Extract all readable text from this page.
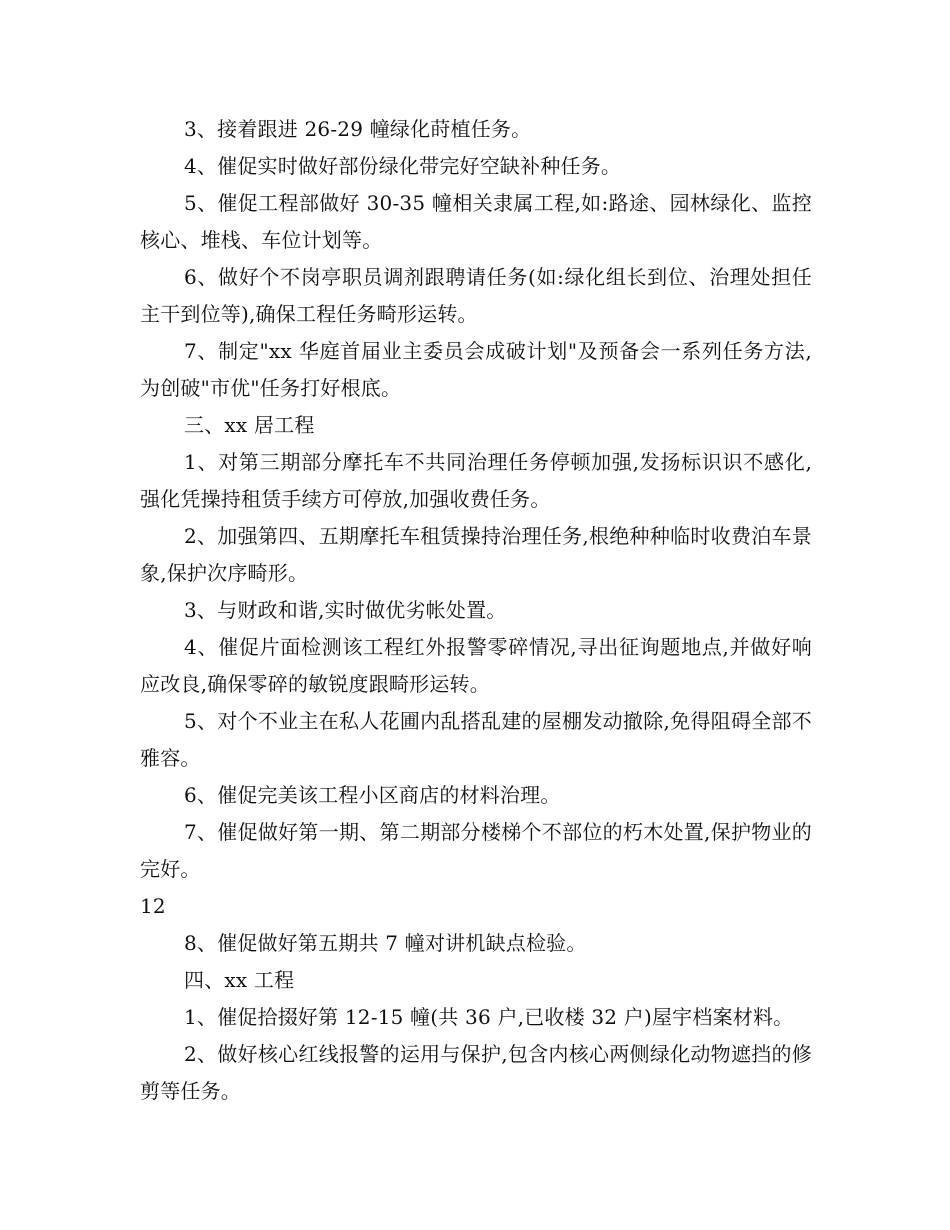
3、接着跟进 26-29 幢绿化莳植任务。

4、催促实时做好部份绿化带完好空缺补种任务。

5、催促工程部做好 30-35 幢相关隶属工程,如:路途、园林绿化、监控核心、堆栈、车位计划等。

6、做好个不岗亭职员调剂跟聘请任务(如:绿化组长到位、治理处担任主干到位等),确保工程任务畸形运转。

7、制定"xx 华庭首届业主委员会成破计划"及预备会一系列任务方法,为创破"市优"任务打好根底。

三、xx 居工程

1、对第三期部分摩托车不共同治理任务停顿加强,发扬标识识不感化,强化凭操持租赁手续方可停放,加强收费任务。

2、加强第四、五期摩托车租赁操持治理任务,根绝种种临时收费泊车景象,保护次序畸形。

3、与财政和谐,实时做优劣帐处置。

4、催促片面检测该工程红外报警零碎情况,寻出征询题地点,并做好响应改良,确保零碎的敏锐度跟畸形运转。

5、对个不业主在私人花圃内乱搭乱建的屋棚发动撤除,免得阻碍全部不雅容。

6、催促完美该工程小区商店的材料治理。

7、催促做好第一期、第二期部分楼梯个不部位的朽木处置,保护物业的完好。

12

8、催促做好第五期共 7 幢对讲机缺点检验。

四、xx 工程

1、催促拾掇好第 12-15 幢(共 36 户,已收楼 32 户)屋宇档案材料。

2、做好核心红线报警的运用与保护,包含内核心两侧绿化动物遮挡的修剪等任务。
